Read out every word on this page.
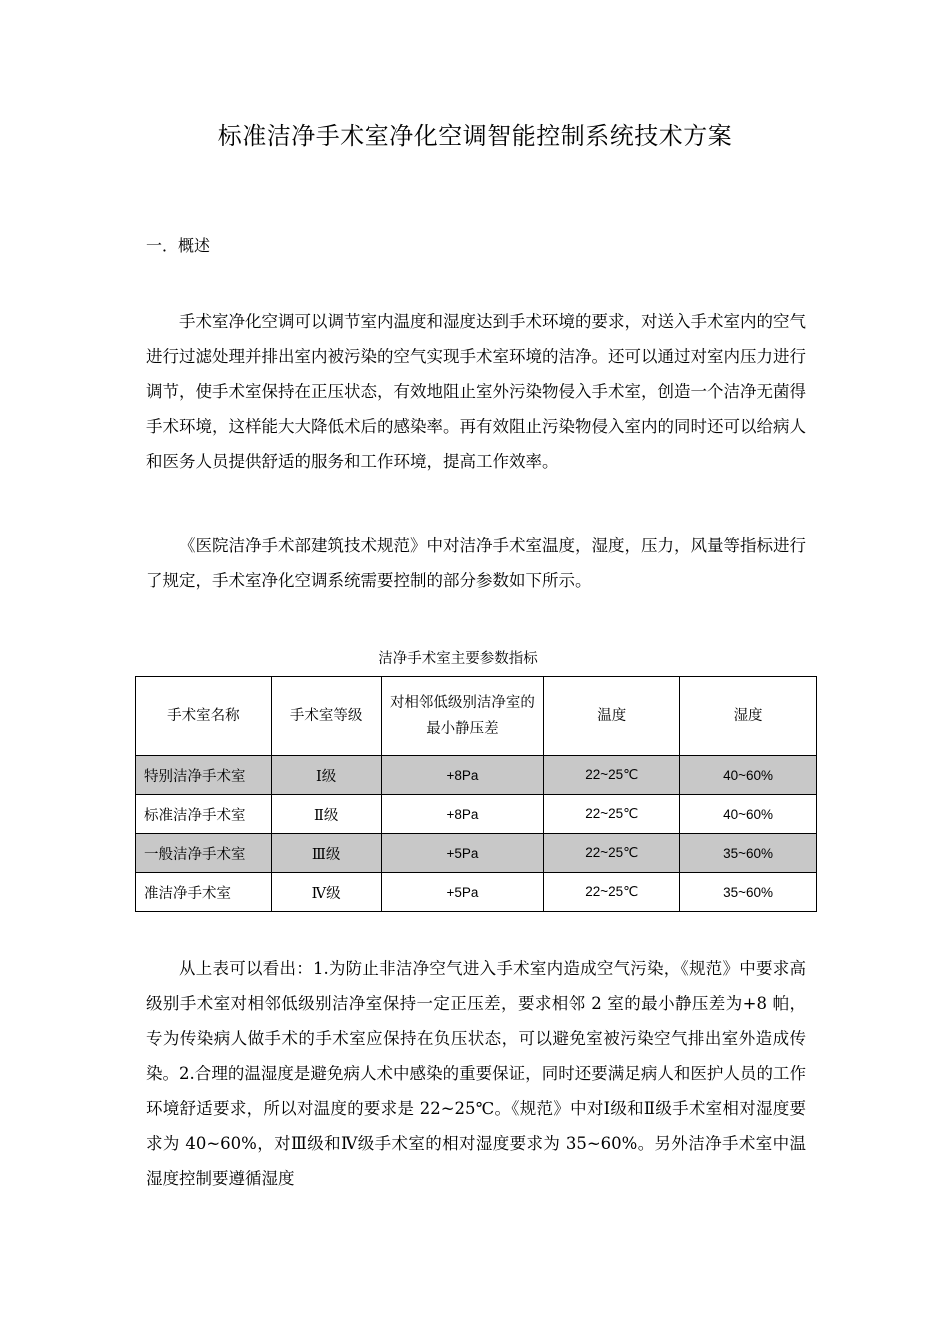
标准洁净手术室净化空调智能控制系统技术方案
一．概述

手术室净化空调可以调节室内温度和湿度达到手术环境的要求，对送入手术室内的空气进行过滤处理并排出室内被污染的空气实现手术室环境的洁净。还可以通过对室内压力进行调节，使手术室保持在正压状态，有效地阻止室外污染物侵入手术室，创造一个洁净无菌得手术环境，这样能大大降低术后的感染率。再有效阻止污染物侵入室内的同时还可以给病人和医务人员提供舒适的服务和工作环境，提高工作效率。

《医院洁净手术部建筑技术规范》中对洁净手术室温度，湿度，压力，风量等指标进行了规定，手术室净化空调系统需要控制的部分参数如下所示。

洁净手术室主要参数指标
手术室名称	手术室等级	对相邻低级别洁净室的最小静压差	温度	湿度
特别洁净手术室	Ⅰ级	+8Pa	22~25℃	40~60%
标准洁净手术室	Ⅱ级	+8Pa	22~25℃	40~60%
一般洁净手术室	Ⅲ级	+5Pa	22~25℃	35~60%
准洁净手术室	Ⅳ级	+5Pa	22~25℃	35~60%

从上表可以看出：1.为防止非洁净空气进入手术室内造成空气污染，《规范》中要求高级别手术室对相邻低级别洁净室保持一定正压差，要求相邻 2 室的最小静压差为+8 帕，专为传染病人做手术的手术室应保持在负压状态，可以避免室被污染空气排出室外造成传染。2.合理的温湿度是避免病人术中感染的重要保证，同时还要满足病人和医护人员的工作环境舒适要求，所以对温度的要求是 22~25℃。《规范》中对Ⅰ级和Ⅱ级手术室相对湿度要求为 40~60%，对Ⅲ级和Ⅳ级手术室的相对湿度要求为 35~60%。另外洁净手术室中温湿度控制要遵循湿度
